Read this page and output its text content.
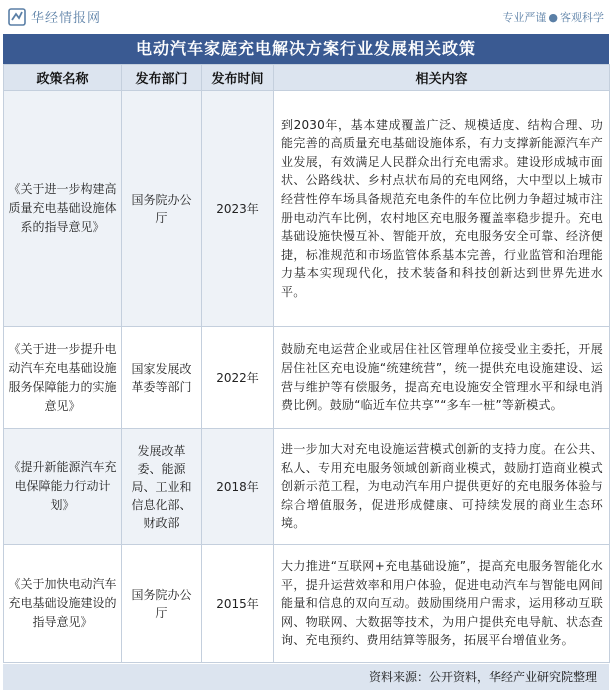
华经情报网	专业严谨 ● 客观科学
电动汽车家庭充电解决方案行业发展相关政策
政策名称	发布部门	发布时间	相关内容
《关于进一步构建高质量充电基础设施体系的指导意见》	国务院办公厅	2023年	到2030年，基本建成覆盖广泛、规模适度、结构合理、功能完善的高质量充电基础设施体系，有力支撑新能源汽车产业发展，有效满足人民群众出行充电需求。建设形成城市面状、公路线状、乡村点状布局的充电网络，大中型以上城市经营性停车场具备规范充电条件的车位比例力争超过城市注册电动汽车比例，农村地区充电服务覆盖率稳步提升。充电基础设施快慢互补、智能开放，充电服务安全可靠、经济便捷，标准规范和市场监管体系基本完善，行业监管和治理能力基本实现现代化，技术装备和科技创新达到世界先进水平。
《关于进一步提升电动汽车充电基础设施服务保障能力的实施意见》	国家发展改革委等部门	2022年	鼓励充电运营企业或居住社区管理单位接受业主委托，开展居住社区充电设施“统建统营”，统一提供充电设施建设、运营与维护等有偿服务，提高充电设施安全管理水平和绿电消费比例。鼓励“临近车位共享”“多车一桩”等新模式。
《提升新能源汽车充电保障能力行动计划》	发展改革委、能源局、工业和信息化部、财政部	2018年	进一步加大对充电设施运营模式创新的支持力度。在公共、私人、专用充电服务领域创新商业模式，鼓励打造商业模式创新示范工程，为电动汽车用户提供更好的充电服务体验与综合增值服务，促进形成健康、可持续发展的商业生态环境。
《关于加快电动汽车充电基础设施建设的指导意见》	国务院办公厅	2015年	大力推进“互联网+充电基础设施”，提高充电服务智能化水平，提升运营效率和用户体验，促进电动汽车与智能电网间能量和信息的双向互动。鼓励围绕用户需求，运用移动互联网、物联网、大数据等技术，为用户提供充电导航、状态查询、充电预约、费用结算等服务，拓展平台增值业务。
资料来源：公开资料，华经产业研究院整理
